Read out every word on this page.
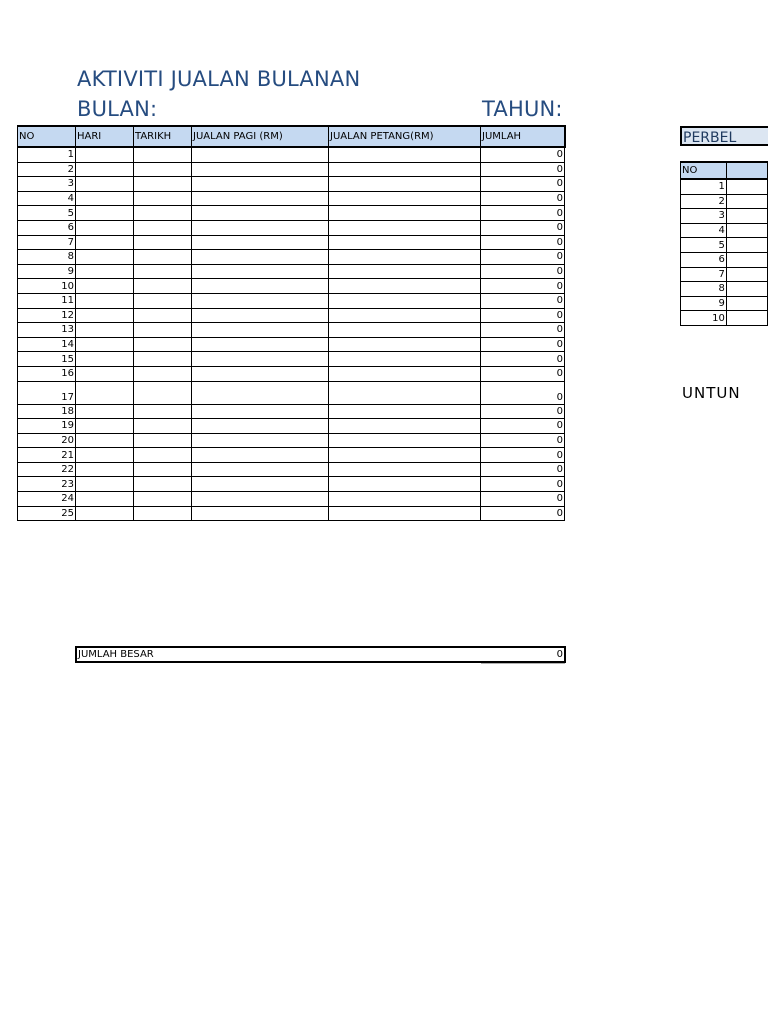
AKTIVITI JUALAN BULANAN
BULAN:	TAHUN:
NO	HARI	TARIKH	JUALAN PAGI (RM)	JUALAN PETANG(RM)	JUMLAH
1					0
2					0
3					0
4					0
5					0
6					0
7					0
8					0
9					0
10					0
11					0
12					0
13					0
14					0
15					0
16					0
17					0
18					0
19					0
20					0
21					0
22					0
23					0
24					0
25					0
JUMLAH BESAR	0
PERBEL
NO	
1	
2	
3	
4	
5	
6	
7	
8	
9	
10	
UNTUN
